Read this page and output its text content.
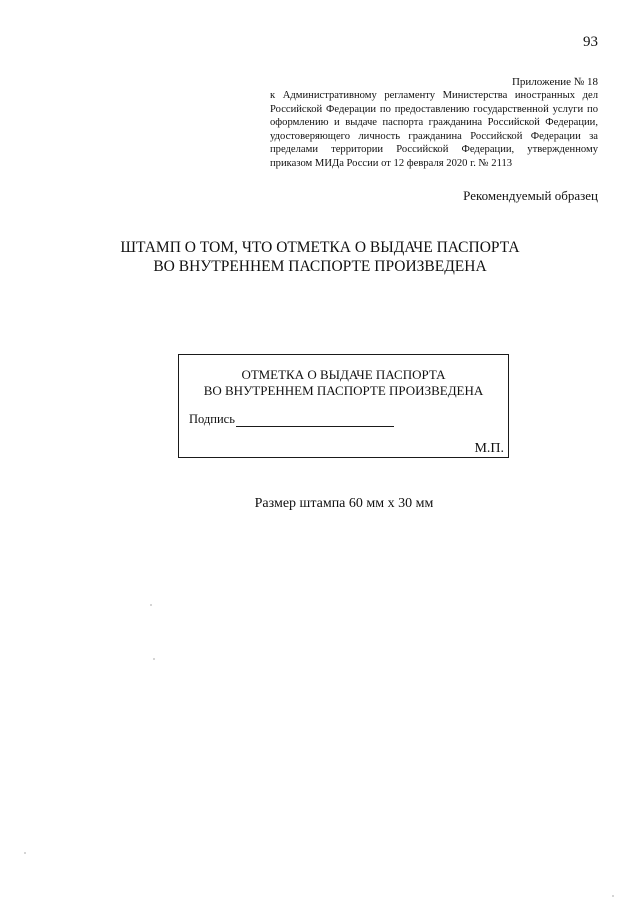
93
Приложение № 18
к Административному регламенту Министерства иностранных дел Российской Федерации по предоставлению государственной услуги по оформлению и выдаче паспорта гражданина Российской Федерации, удостоверяющего личность гражданина Российской Федерации за пределами территории Российской Федерации, утвержденному приказом МИДа России от 12 февраля 2020 г. № 2113
Рекомендуемый образец
ШТАМП О ТОМ, ЧТО ОТМЕТКА О ВЫДАЧЕ ПАСПОРТА
ВО ВНУТРЕННЕМ ПАСПОРТЕ ПРОИЗВЕДЕНА
ОТМЕТКА О ВЫДАЧЕ ПАСПОРТА
ВО ВНУТРЕННЕМ ПАСПОРТЕ ПРОИЗВЕДЕНА
Подпись
М.П.
Размер штампа 60 мм х 30 мм
